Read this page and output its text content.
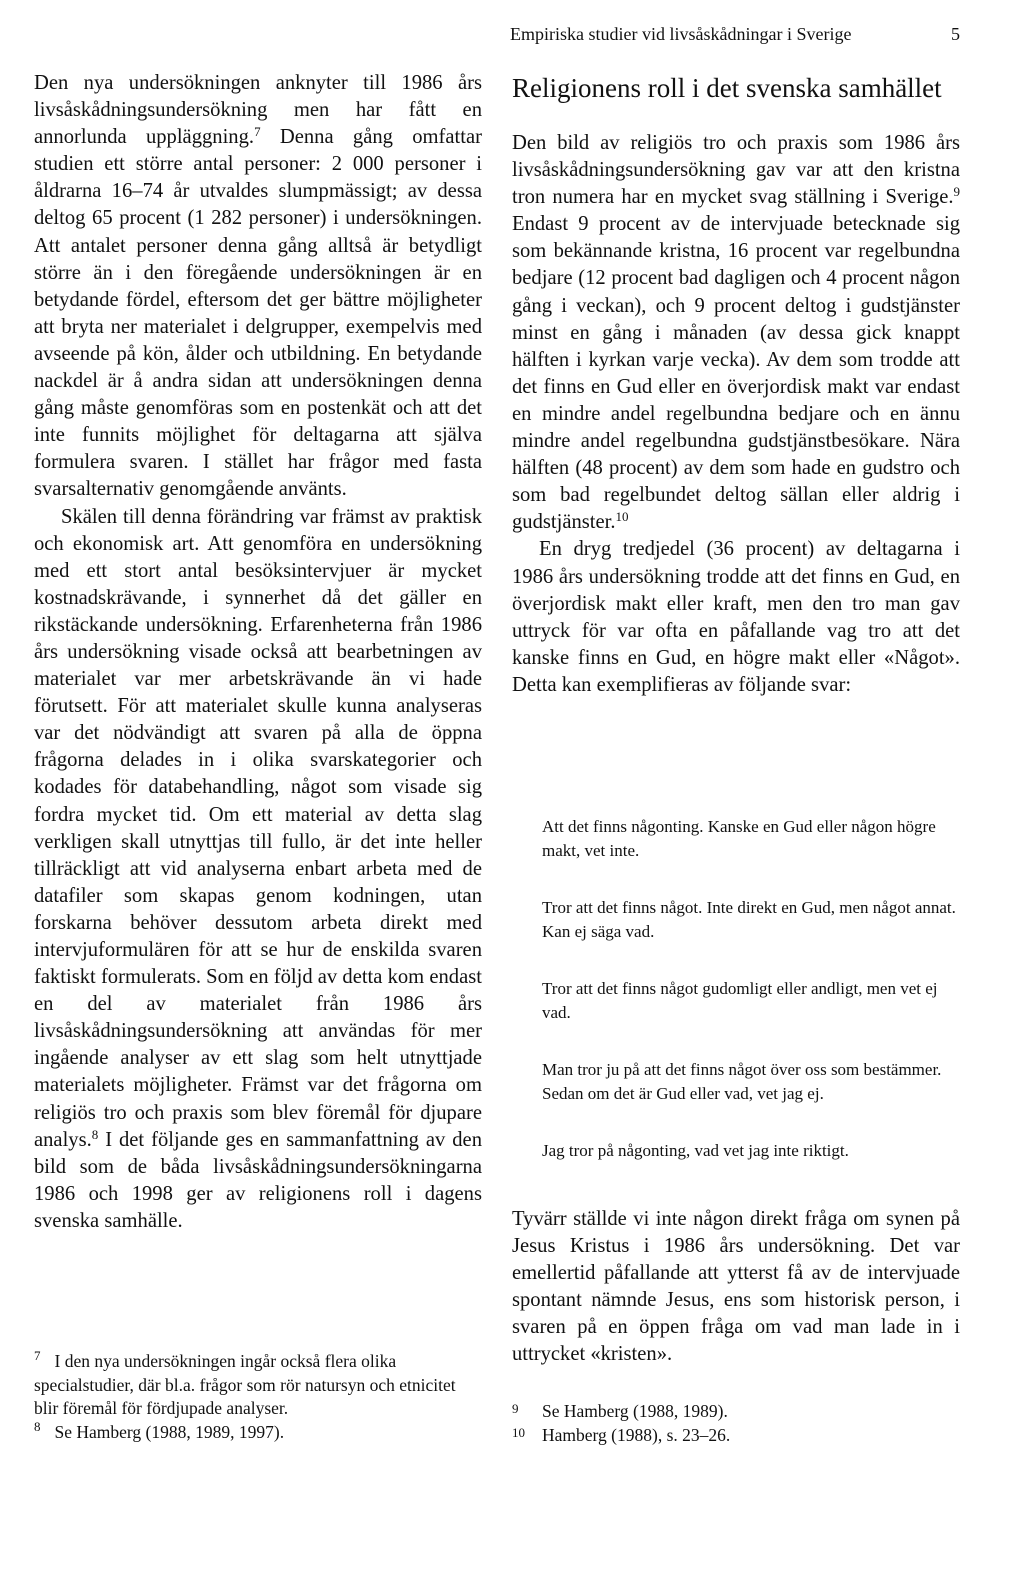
Empiriska studier vid livsåskådningar i Sverige	5

Den nya undersökningen anknyter till 1986 års livsåskådningsundersökning men har fått en annorlunda uppläggning.$^7$ Denna gång omfattar studien ett större antal personer: 2 000 personer i åldrarna 16–74 år utvaldes slumpmässigt; av dessa deltog 65 procent (1 282 personer) i undersökningen. Att antalet personer denna gång alltså är betydligt större än i den föregående undersökningen är en betydande fördel, eftersom det ger bättre möjligheter att bryta ner materialet i delgrupper, exempelvis med avseende på kön, ålder och utbildning. En betydande nackdel är å andra sidan att undersökningen denna gång måste genomföras som en postenkät och att det inte funnits möjlighet för deltagarna att själva formulera svaren. I stället har frågor med fasta svarsalternativ genomgående använts.

Skälen till denna förändring var främst av praktisk och ekonomisk art. Att genomföra en undersökning med ett stort antal besöksintervjuer är mycket kostnadskrävande, i synnerhet då det gäller en rikstäckande undersökning. Erfarenheterna från 1986 års undersökning visade också att bearbetningen av materialet var mer arbetskrävande än vi hade förutsett. För att materialet skulle kunna analyseras var det nödvändigt att svaren på alla de öppna frågorna delades in i olika svarskategorier och kodades för databehandling, något som visade sig fordra mycket tid. Om ett material av detta slag verkligen skall utnyttjas till fullo, är det inte heller tillräckligt att vid analyserna enbart arbeta med de datafiler som skapas genom kodningen, utan forskarna behöver dessutom arbeta direkt med intervjuformulären för att se hur de enskilda svaren faktiskt formulerats. Som en följd av detta kom endast en del av materialet från 1986 års livsåskådningsundersökning att användas för mer ingående analyser av ett slag som helt utnyttjade materialets möjligheter. Främst var det frågorna om religiös tro och praxis som blev föremål för djupare analys.$^8$ I det följande ges en sammanfattning av den bild som de båda livsåskådningsundersökningarna 1986 och 1998 ger av religionens roll i dagens svenska samhälle.

$^7$ I den nya undersökningen ingår också flera olika specialstudier, där bl.a. frågor som rör natursyn och etnicitet blir föremål för fördjupade analyser.
$^8$ Se Hamberg (1988, 1989, 1997).
Religionens roll i det svenska samhället

Den bild av religiös tro och praxis som 1986 års livsåskådningsundersökning gav var att den kristna tron numera har en mycket svag ställning i Sverige.$^9$ Endast 9 procent av de intervjuade betecknade sig som bekännande kristna, 16 procent var regelbundna bedjare (12 procent bad dagligen och 4 procent någon gång i veckan), och 9 procent deltog i gudstjänster minst en gång i månaden (av dessa gick knappt hälften i kyrkan varje vecka). Av dem som trodde att det finns en Gud eller en överjordisk makt var endast en mindre andel regelbundna bedjare och en ännu mindre andel regelbundna gudstjänstbesökare. Nära hälften (48 procent) av dem som hade en gudstro och som bad regelbundet deltog sällan eller aldrig i gudstjänster.$^{10}$

En dryg tredjedel (36 procent) av deltagarna i 1986 års undersökning trodde att det finns en Gud, en överjordisk makt eller kraft, men den tro man gav uttryck för var ofta en påfallande vag tro att det kanske finns en Gud, en högre makt eller «Något». Detta kan exemplifieras av följande svar:

Att det finns någonting. Kanske en Gud eller någon högre makt, vet inte.

Tror att det finns något. Inte direkt en Gud, men något annat. Kan ej säga vad.

Tror att det finns något gudomligt eller andligt, men vet ej vad.

Man tror ju på att det finns något över oss som bestämmer. Sedan om det är Gud eller vad, vet jag ej.

Jag tror på någonting, vad vet jag inte riktigt.

Tyvärr ställde vi inte någon direkt fråga om synen på Jesus Kristus i 1986 års undersökning. Det var emellertid påfallande att ytterst få av de intervjuade spontant nämnde Jesus, ens som historisk person, i svaren på en öppen fråga om vad man lade in i uttrycket «kristen».

9	Se Hamberg (1988, 1989).
10 Hamberg (1988), s. 23–26.
